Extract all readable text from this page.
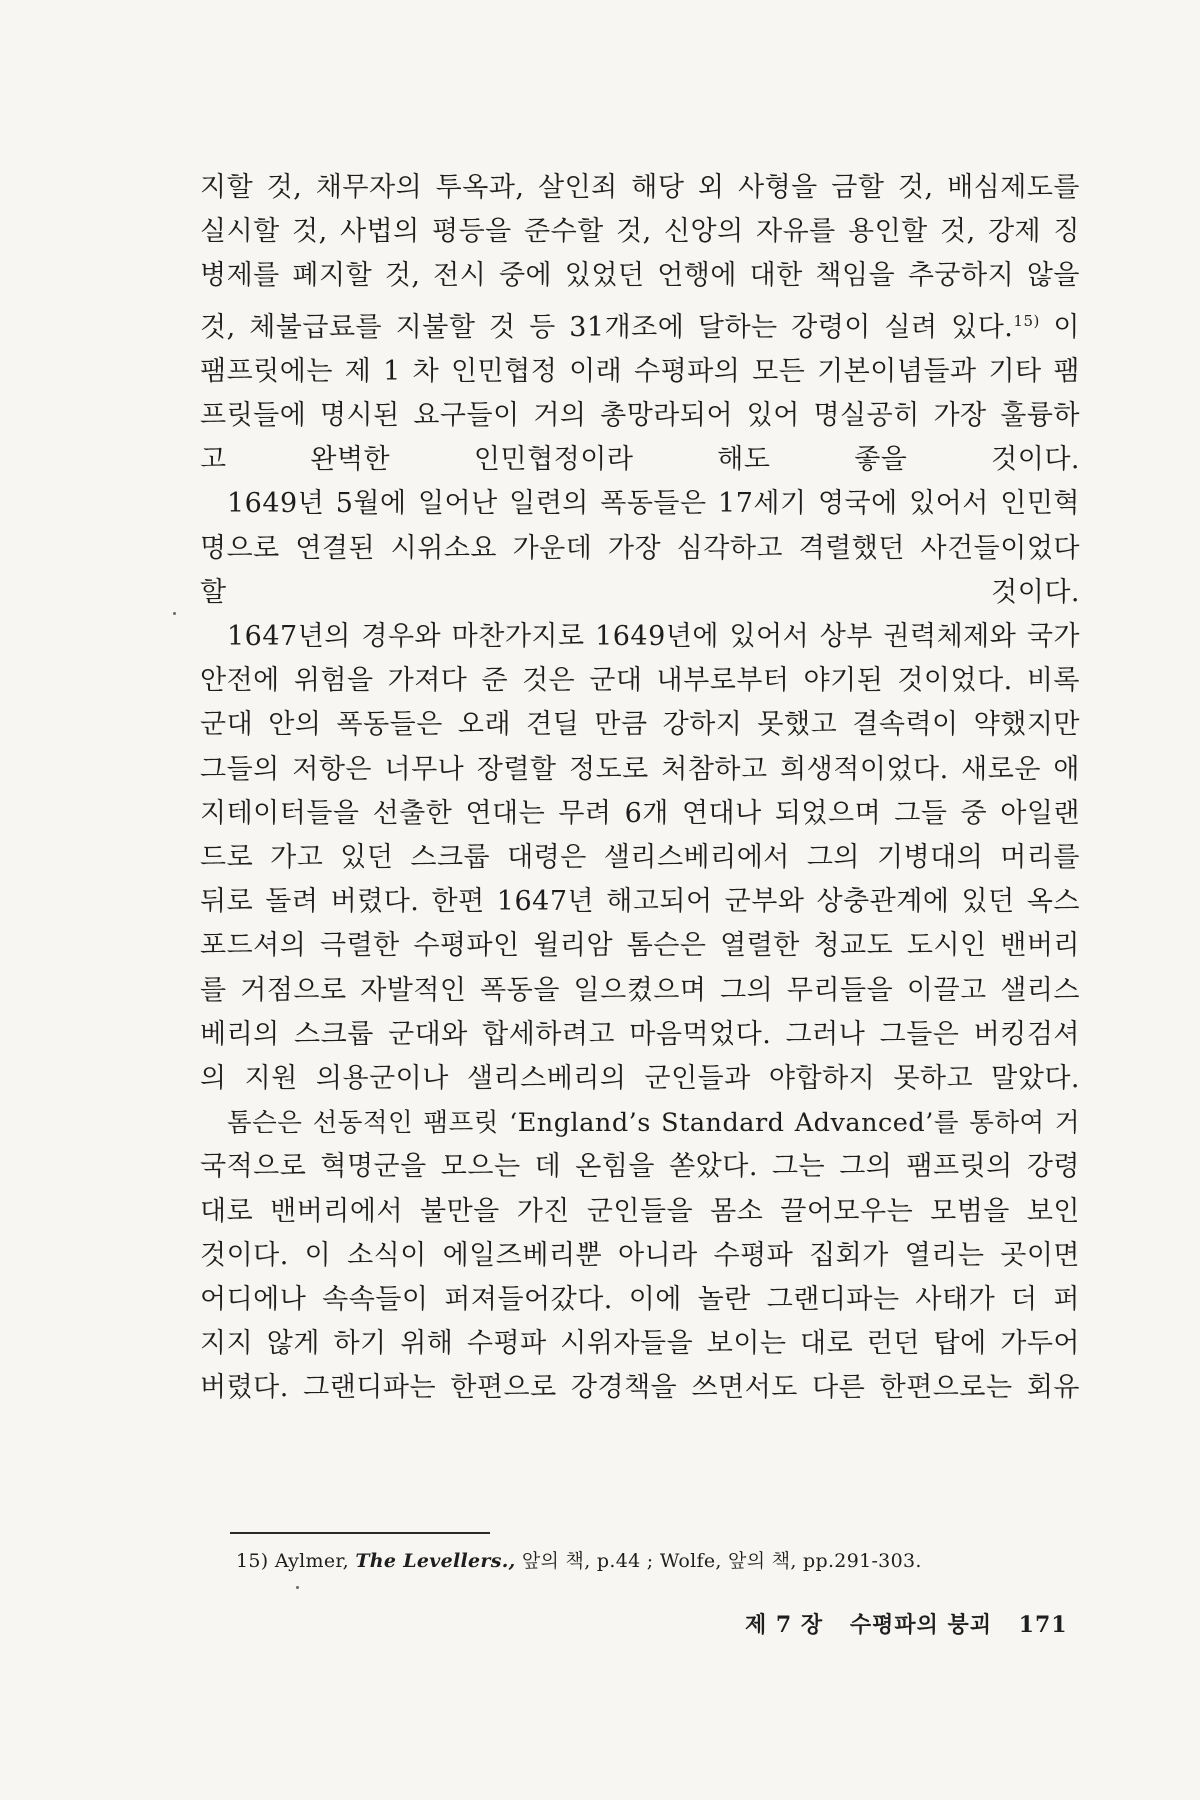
지할 것, 채무자의 투옥과, 살인죄 해당 외 사형을 금할 것, 배심제도를
실시할 것, 사법의 평등을 준수할 것, 신앙의 자유를 용인할 것, 강제 징
병제를 폐지할 것, 전시 중에 있었던 언행에 대한 책임을 추궁하지 않을
것, 체불급료를 지불할 것 등 31개조에 달하는 강령이 실려 있다.$^{15)}$ 이
팸프릿에는 제 1 차 인민협정 이래 수평파의 모든 기본이념들과 기타 팸
프릿들에 명시된 요구들이 거의 총망라되어 있어 명실공히 가장 훌륭하
고 완벽한 인민협정이라 해도 좋을 것이다.

1649년 5월에 일어난 일련의 폭동들은 17세기 영국에 있어서 인민혁
명으로 연결된 시위소요 가운데 가장 심각하고 격렬했던 사건들이었다
할 것이다.

1647년의 경우와 마찬가지로 1649년에 있어서 상부 권력체제와 국가
안전에 위험을 가져다 준 것은 군대 내부로부터 야기된 것이었다. 비록
군대 안의 폭동들은 오래 견딜 만큼 강하지 못했고 결속력이 약했지만
그들의 저항은 너무나 장렬할 정도로 처참하고 희생적이었다. 새로운 애
지테이터들을 선출한 연대는 무려 6개 연대나 되었으며 그들 중 아일랜
드로 가고 있던 스크룹 대령은 샐리스베리에서 그의 기병대의 머리를
뒤로 돌려 버렸다. 한편 1647년 해고되어 군부와 상충관계에 있던 옥스
포드셔의 극렬한 수평파인 윌리암 톰슨은 열렬한 청교도 도시인 밴버리
를 거점으로 자발적인 폭동을 일으켰으며 그의 무리들을 이끌고 샐리스
베리의 스크룹 군대와 합세하려고 마음먹었다. 그러나 그들은 버킹검셔
의 지원 의용군이나 샐리스베리의 군인들과 야합하지 못하고 말았다.

톰슨은 선동적인 팸프릿 ‘England’s Standard Advanced’를 통하여 거
국적으로 혁명군을 모으는 데 온힘을 쏟았다. 그는 그의 팸프릿의 강령
대로 밴버리에서 불만을 가진 군인들을 몸소 끌어모우는 모범을 보인
것이다. 이 소식이 에일즈베리뿐 아니라 수평파 집회가 열리는 곳이면
어디에나 속속들이 퍼져들어갔다. 이에 놀란 그랜디파는 사태가 더 퍼
지지 않게 하기 위해 수평파 시위자들을 보이는 대로 런던 탑에 가두어
버렸다. 그랜디파는 한편으로 강경책을 쓰면서도 다른 한편으로는 회유

15) Aylmer, The Levellers., 앞의 책, p.44 ; Wolfe, 앞의 책, pp.291-303.
제 7 장 수평파의 붕괴 171
